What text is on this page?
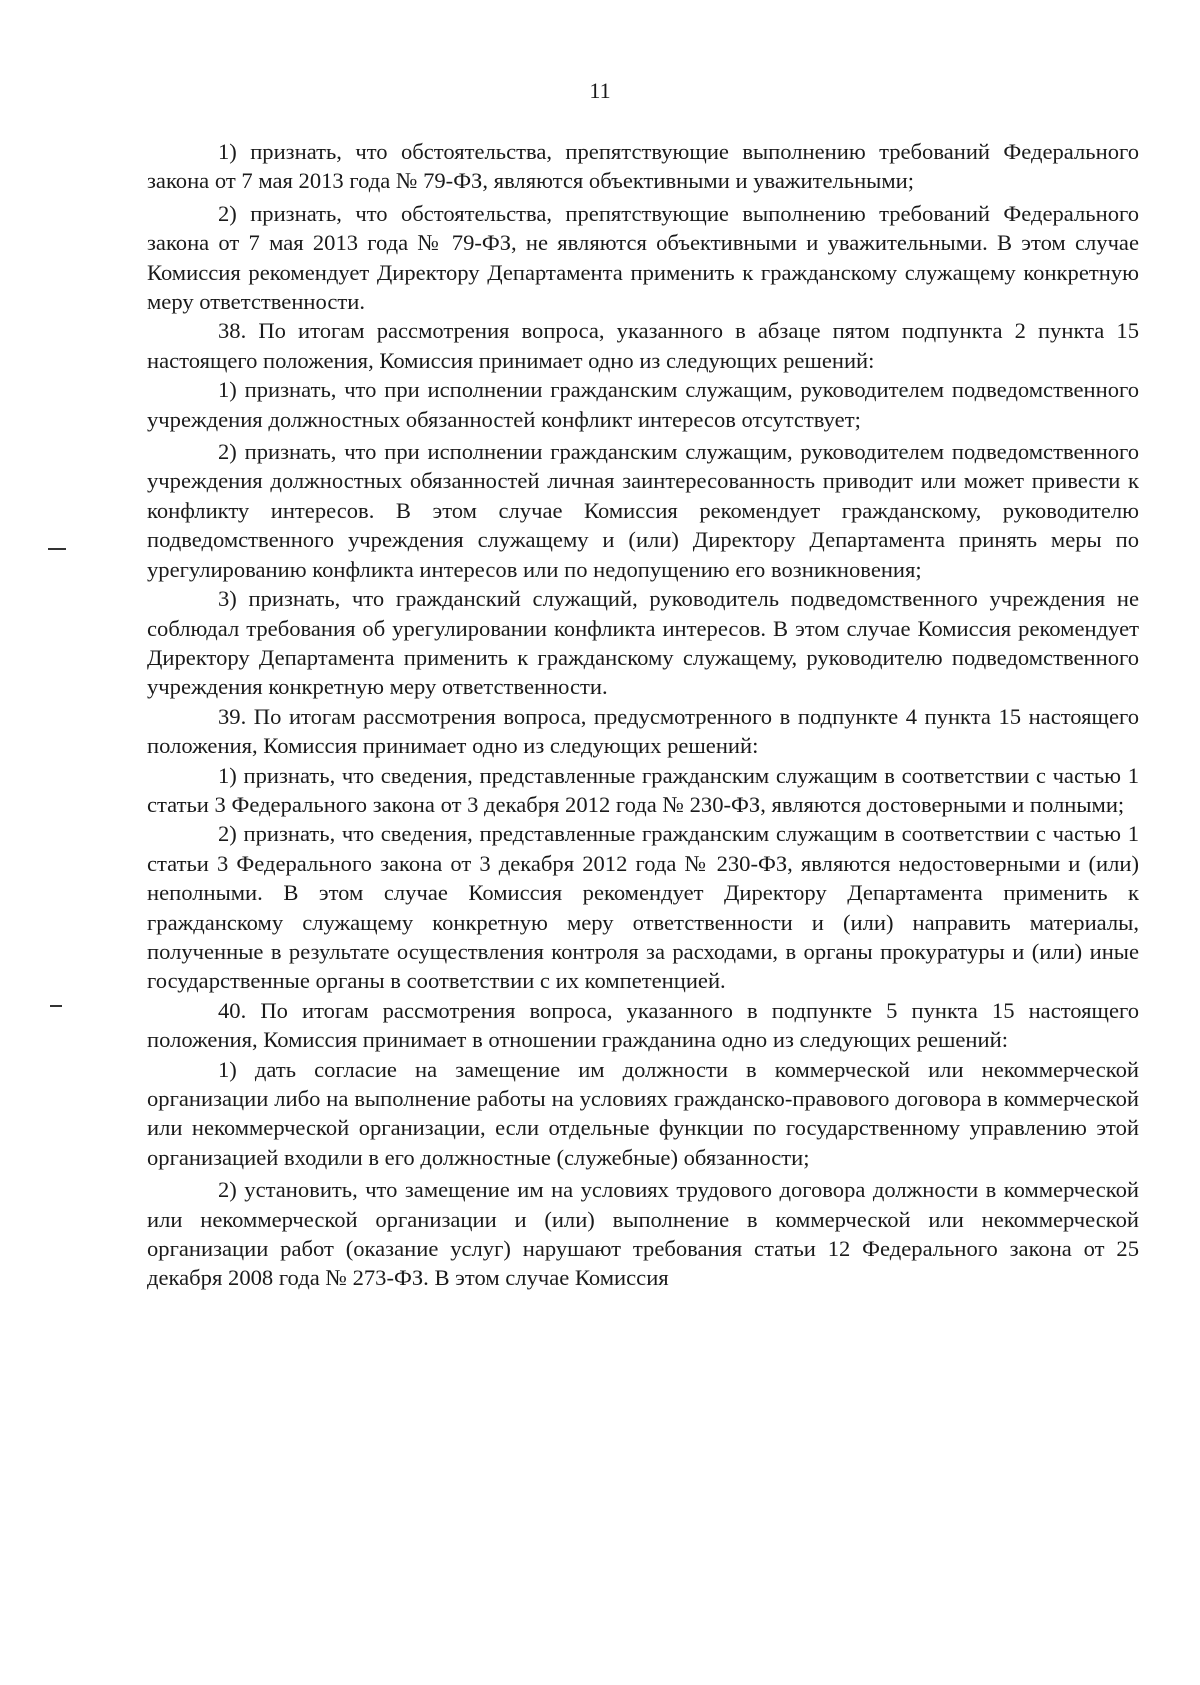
11

1) признать, что обстоятельства, препятствующие выполнению требований Федерального закона от 7 мая 2013 года № 79-ФЗ, являются объективными и уважительными;

2) признать, что обстоятельства, препятствующие выполнению требований Федерального закона от 7 мая 2013 года № 79-ФЗ, не являются объективными и уважительными. В этом случае Комиссия рекомендует Директору Департамента применить к гражданскому служащему конкретную меру ответственности.

38. По итогам рассмотрения вопроса, указанного в абзаце пятом подпункта 2 пункта 15 настоящего положения, Комиссия принимает одно из следующих решений:

1) признать, что при исполнении гражданским служащим, руководителем подведомственного учреждения должностных обязанностей конфликт интересов отсутствует;

2) признать, что при исполнении гражданским служащим, руководителем подведомственного учреждения должностных обязанностей личная заинтересованность приводит или может привести к конфликту интересов. В этом случае Комиссия рекомендует гражданскому, руководителю подведомственного учреждения служащему и (или) Директору Департамента принять меры по урегулированию конфликта интересов или по недопущению его возникновения;

3) признать, что гражданский служащий, руководитель подведомственного учреждения не соблюдал требования об урегулировании конфликта интересов. В этом случае Комиссия рекомендует Директору Департамента применить к гражданскому служащему, руководителю подведомственного учреждения конкретную меру ответственности.

39. По итогам рассмотрения вопроса, предусмотренного в подпункте 4 пункта 15 настоящего положения, Комиссия принимает одно из следующих решений:

1) признать, что сведения, представленные гражданским служащим в соответствии с частью 1 статьи 3 Федерального закона от 3 декабря 2012 года № 230-ФЗ, являются достоверными и полными;

2) признать, что сведения, представленные гражданским служащим в соответствии с частью 1 статьи 3 Федерального закона от 3 декабря 2012 года № 230-ФЗ, являются недостоверными и (или) неполными. В этом случае Комиссия рекомендует Директору Департамента применить к гражданскому служащему конкретную меру ответственности и (или) направить материалы, полученные в результате осуществления контроля за расходами, в органы прокуратуры и (или) иные государственные органы в соответствии с их компетенцией.

40. По итогам рассмотрения вопроса, указанного в подпункте 5 пункта 15 настоящего положения, Комиссия принимает в отношении гражданина одно из следующих решений:

1) дать согласие на замещение им должности в коммерческой или некоммерческой организации либо на выполнение работы на условиях гражданско-правового договора в коммерческой или некоммерческой организации, если отдельные функции по государственному управлению этой организацией входили в его должностные (служебные) обязанности;

2) установить, что замещение им на условиях трудового договора должности в коммерческой или некоммерческой организации и (или) выполнение в коммерческой или некоммерческой организации работ (оказание услуг) нарушают требования статьи 12 Федерального закона от 25 декабря 2008 года № 273-ФЗ. В этом случае Комиссия
